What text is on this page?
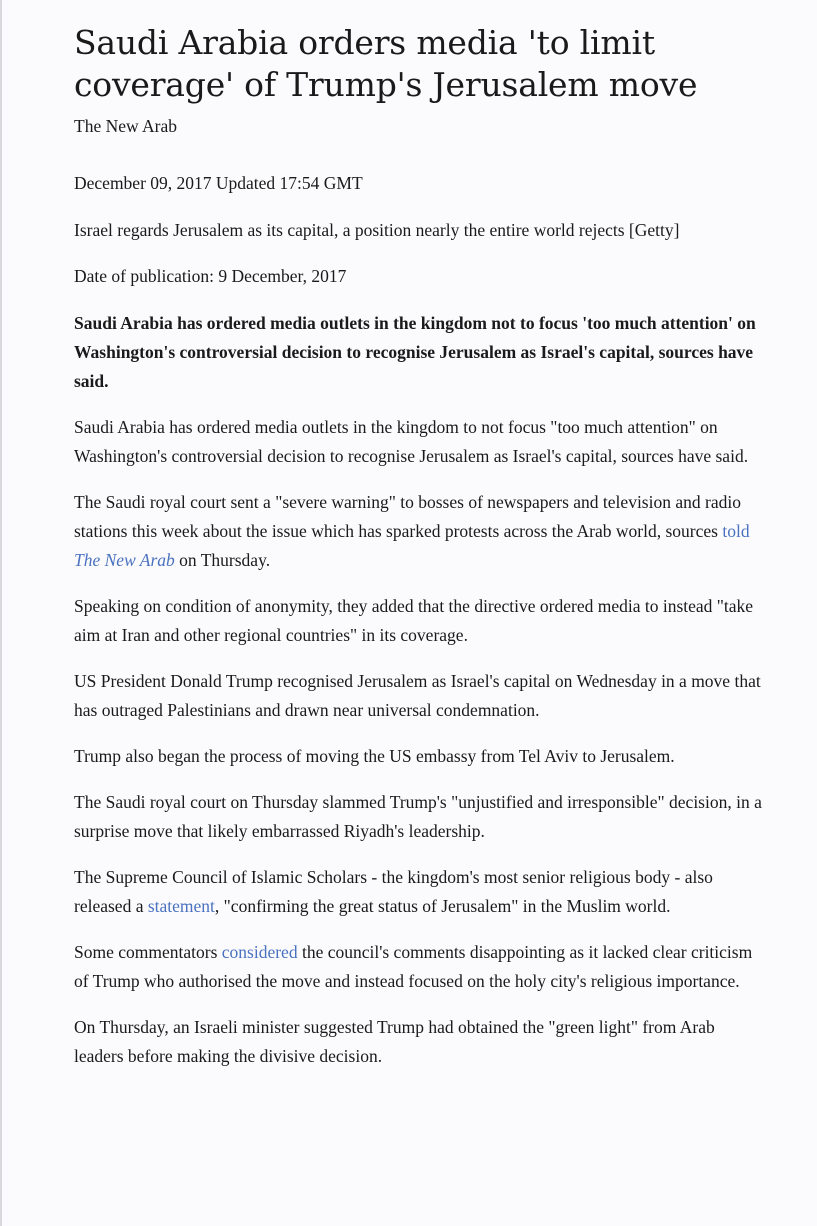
Saudi Arabia orders media 'to limit coverage' of Trump's Jerusalem move
The New Arab

December 09, 2017 Updated 17:54 GMT

Israel regards Jerusalem as its capital, a position nearly the entire world rejects [Getty]

Date of publication: 9 December, 2017

Saudi Arabia has ordered media outlets in the kingdom not to focus 'too much attention' on Washington's controversial decision to recognise Jerusalem as Israel's capital, sources have said.

Saudi Arabia has ordered media outlets in the kingdom to not focus "too much attention" on Washington's controversial decision to recognise Jerusalem as Israel's capital, sources have said.

The Saudi royal court sent a "severe warning" to bosses of newspapers and television and radio stations this week about the issue which has sparked protests across the Arab world, sources told The New Arab on Thursday.

Speaking on condition of anonymity, they added that the directive ordered media to instead "take aim at Iran and other regional countries" in its coverage.

US President Donald Trump recognised Jerusalem as Israel's capital on Wednesday in a move that has outraged Palestinians and drawn near universal condemnation.

Trump also began the process of moving the US embassy from Tel Aviv to Jerusalem.

The Saudi royal court on Thursday slammed Trump's "unjustified and irresponsible" decision, in a surprise move that likely embarrassed Riyadh's leadership.

The Supreme Council of Islamic Scholars - the kingdom's most senior religious body - also released a statement, "confirming the great status of Jerusalem" in the Muslim world.

Some commentators considered the council's comments disappointing as it lacked clear criticism of Trump who authorised the move and instead focused on the holy city's religious importance.

On Thursday, an Israeli minister suggested Trump had obtained the "green light" from Arab leaders before making the divisive decision.
